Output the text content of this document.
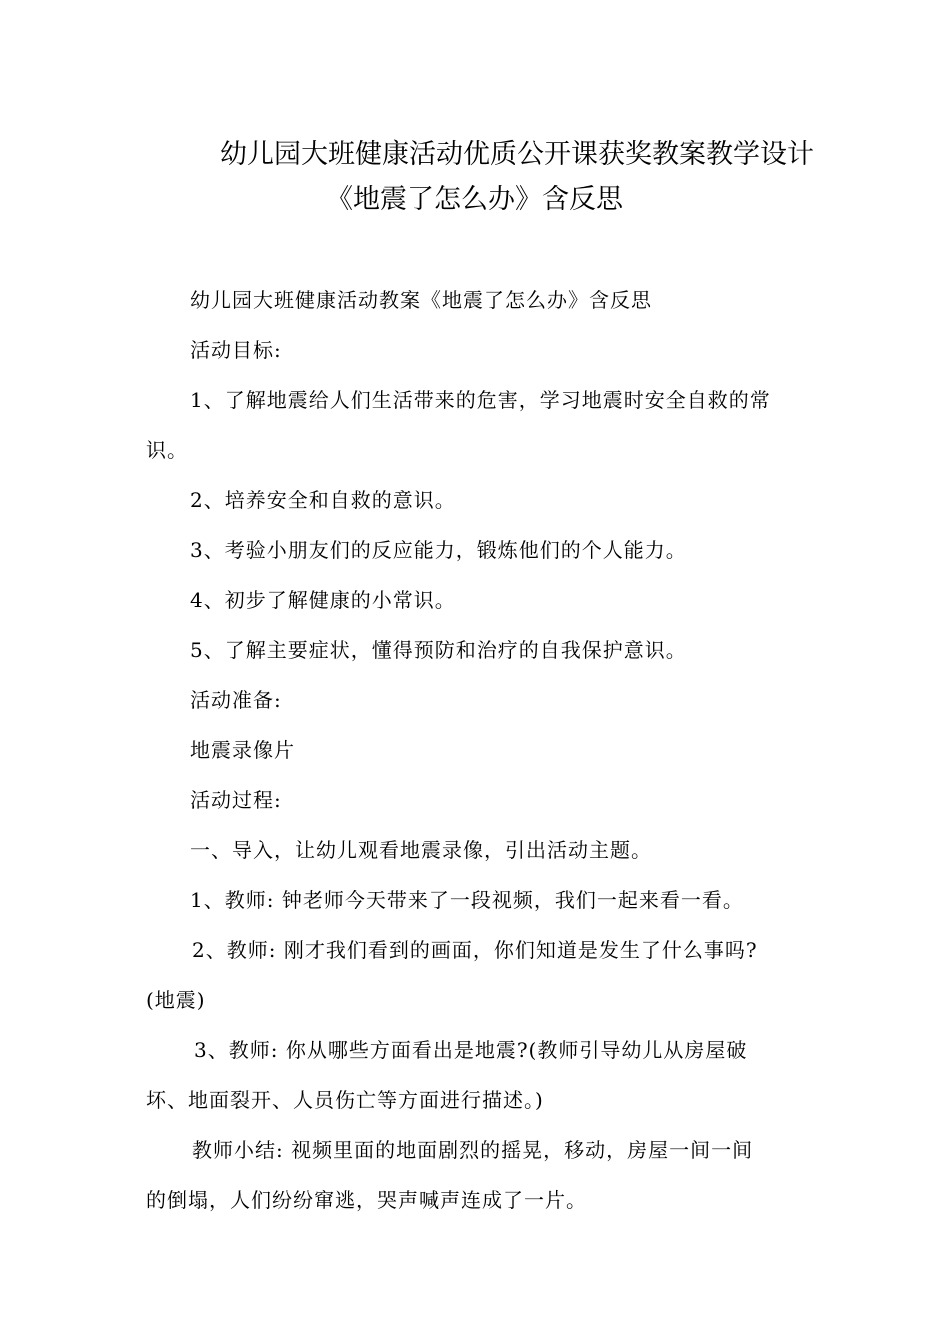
幼儿园大班健康活动优质公开课获奖教案教学设计
《地震了怎么办》含反思
幼儿园大班健康活动教案《地震了怎么办》含反思
活动目标:
1、了解地震给人们生活带来的危害，学习地震时安全自救的常
识。
2、培养安全和自救的意识。
3、考验小朋友们的反应能力，锻炼他们的个人能力。
4、初步了解健康的小常识。
5、了解主要症状，懂得预防和治疗的自我保护意识。
活动准备:
地震录像片
活动过程:
一、导入，让幼儿观看地震录像，引出活动主题。
1、教师: 钟老师今天带来了一段视频，我们一起来看一看。
2、教师: 刚才我们看到的画面，你们知道是发生了什么事吗?
(地震)
3、教师: 你从哪些方面看出是地震?(教师引导幼儿从房屋破
坏、地面裂开、人员伤亡等方面进行描述。)
教师小结: 视频里面的地面剧烈的摇晃，移动，房屋一间一间
的倒塌，人们纷纷窜逃，哭声喊声连成了一片。
